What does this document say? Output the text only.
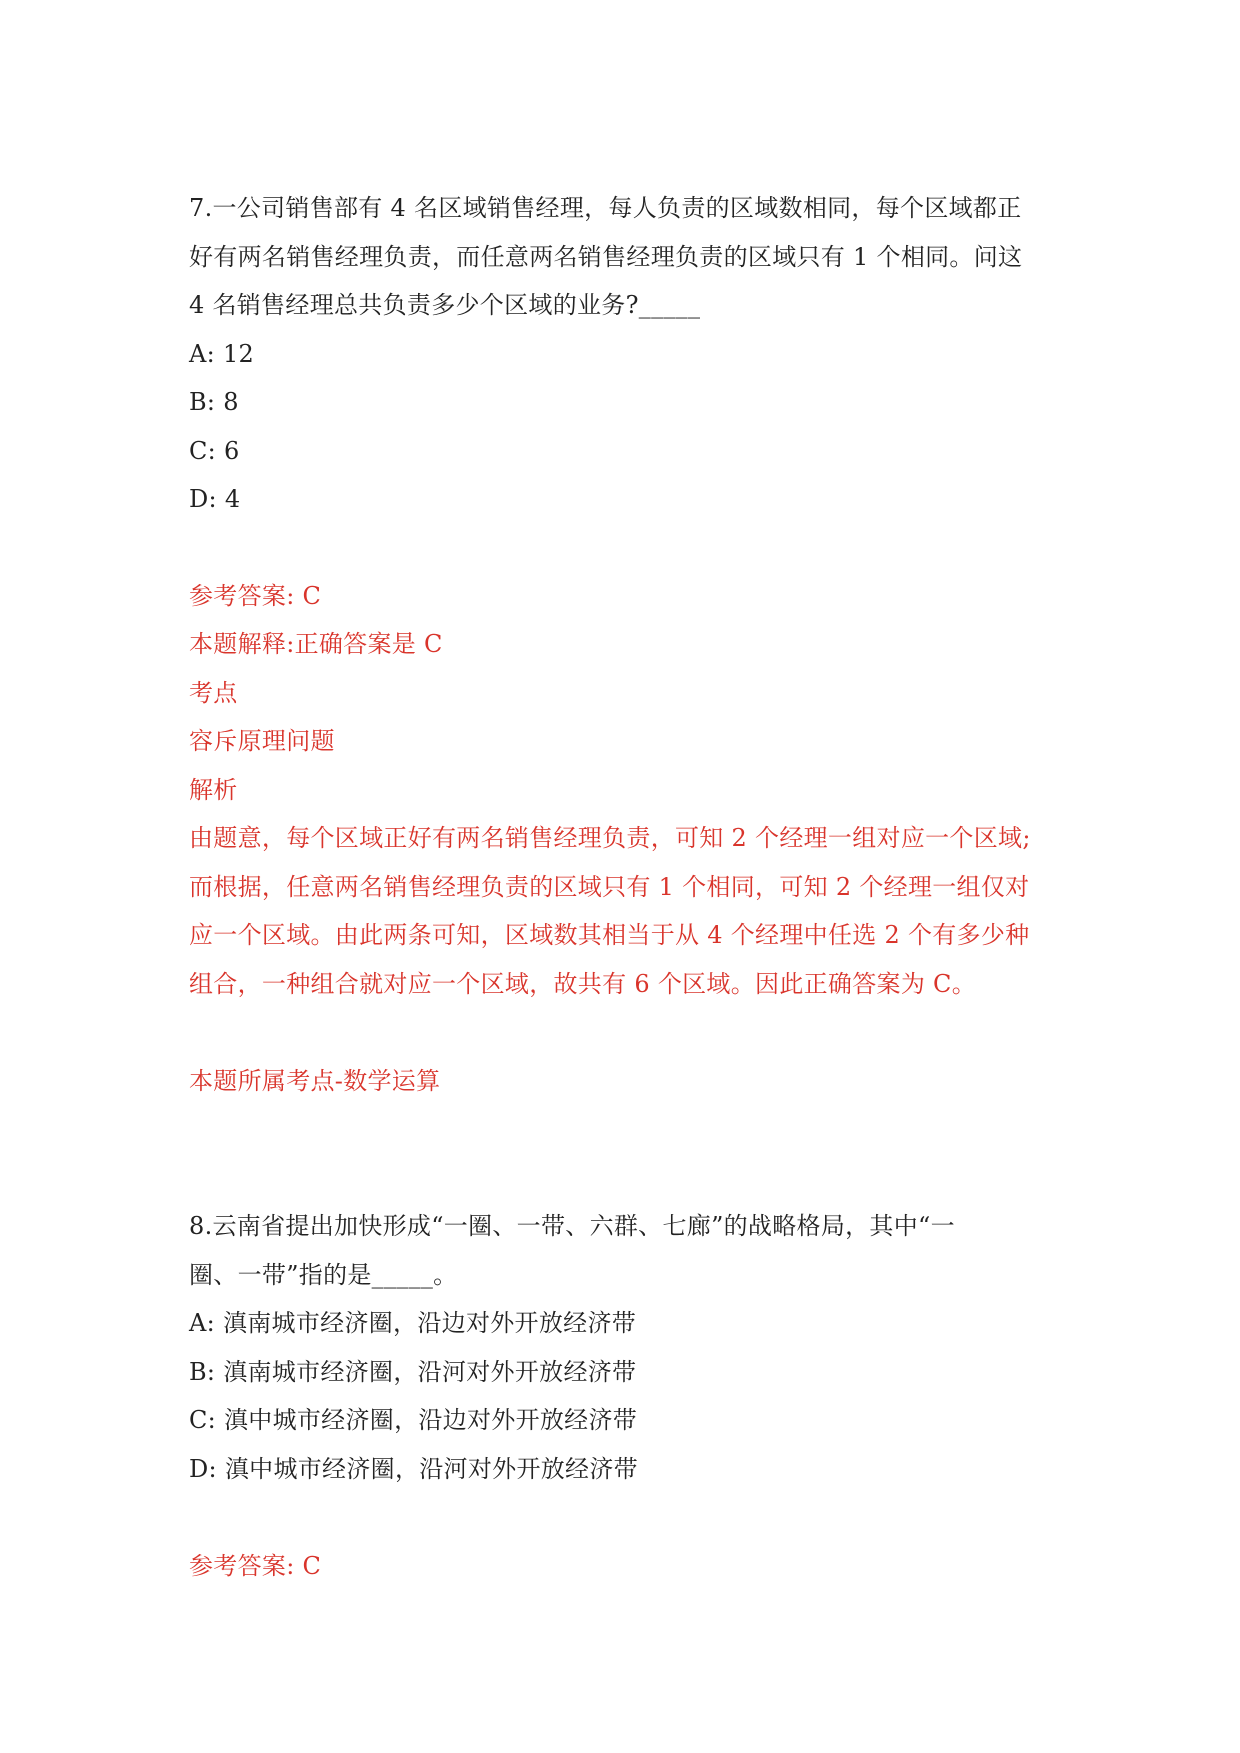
7.一公司销售部有 4 名区域销售经理，每人负责的区域数相同，每个区域都正
好有两名销售经理负责，而任意两名销售经理负责的区域只有 1 个相同。问这
4 名销售经理总共负责多少个区域的业务?_____
A: 12
B: 8
C: 6
D: 4
参考答案: C
本题解释:正确答案是 C
考点
容斥原理问题
解析
由题意，每个区域正好有两名销售经理负责，可知 2 个经理一组对应一个区域;
而根据，任意两名销售经理负责的区域只有 1 个相同，可知 2 个经理一组仅对
应一个区域。由此两条可知，区域数其相当于从 4 个经理中任选 2 个有多少种
组合，一种组合就对应一个区域，故共有 6 个区域。因此正确答案为 C。
本题所属考点-数学运算
8.云南省提出加快形成“一圈、一带、六群、七廊”的战略格局，其中“一
圈、一带”指的是_____。
A: 滇南城市经济圈，沿边对外开放经济带
B: 滇南城市经济圈，沿河对外开放经济带
C: 滇中城市经济圈，沿边对外开放经济带
D: 滇中城市经济圈，沿河对外开放经济带
参考答案: C
